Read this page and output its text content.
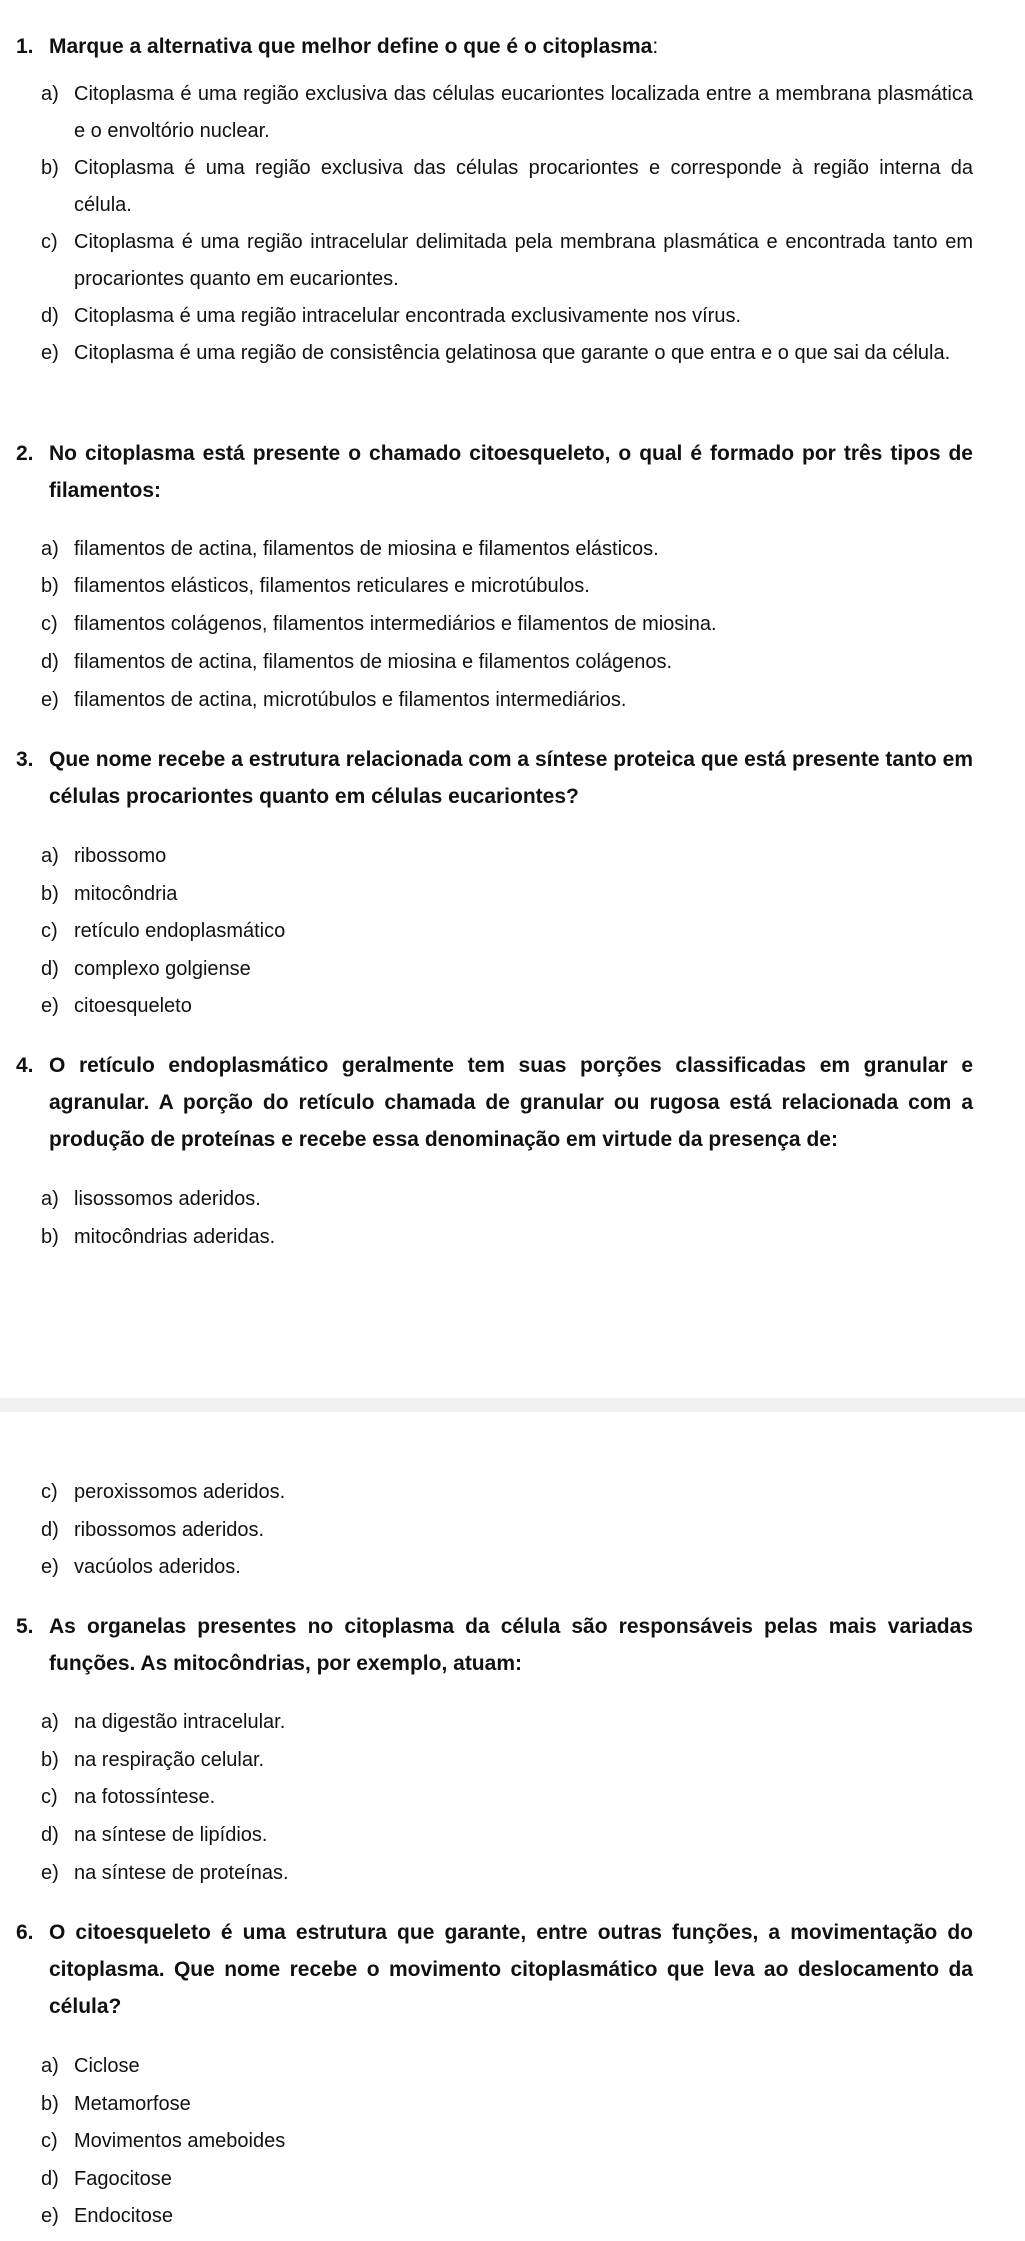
1. Marque a alternativa que melhor define o que é o citoplasma:
a) Citoplasma é uma região exclusiva das células eucariontes localizada entre a membrana plasmática e o envoltório nuclear.
b) Citoplasma é uma região exclusiva das células procariontes e corresponde à região interna da célula.
c) Citoplasma é uma região intracelular delimitada pela membrana plasmática e encontrada tanto em procariontes quanto em eucariontes.
d) Citoplasma é uma região intracelular encontrada exclusivamente nos vírus.
e) Citoplasma é uma região de consistência gelatinosa que garante o que entra e o que sai da célula.
2. No citoplasma está presente o chamado citoesqueleto, o qual é formado por três tipos de filamentos:
a) filamentos de actina, filamentos de miosina e filamentos elásticos.
b) filamentos elásticos, filamentos reticulares e microtúbulos.
c) filamentos colágenos, filamentos intermediários e filamentos de miosina.
d) filamentos de actina, filamentos de miosina e filamentos colágenos.
e) filamentos de actina, microtúbulos e filamentos intermediários.
3. Que nome recebe a estrutura relacionada com a síntese proteica que está presente tanto em células procariontes quanto em células eucariontes?
a) ribossomo
b) mitocôndria
c) retículo endoplasmático
d) complexo golgiense
e) citoesqueleto
4. O retículo endoplasmático geralmente tem suas porções classificadas em granular e agranular. A porção do retículo chamada de granular ou rugosa está relacionada com a produção de proteínas e recebe essa denominação em virtude da presença de:
a) lisossomos aderidos.
b) mitocôndrias aderidas.
c) peroxissomos aderidos.
d) ribossomos aderidos.
e) vacúolos aderidos.
5. As organelas presentes no citoplasma da célula são responsáveis pelas mais variadas funções. As mitocôndrias, por exemplo, atuam:
a) na digestão intracelular.
b) na respiração celular.
c) na fotossíntese.
d) na síntese de lipídios.
e) na síntese de proteínas.
6. O citoesqueleto é uma estrutura que garante, entre outras funções, a movimentação do citoplasma. Que nome recebe o movimento citoplasmático que leva ao deslocamento da célula?
a) Ciclose
b) Metamorfose
c) Movimentos ameboides
d) Fagocitose
e) Endocitose
